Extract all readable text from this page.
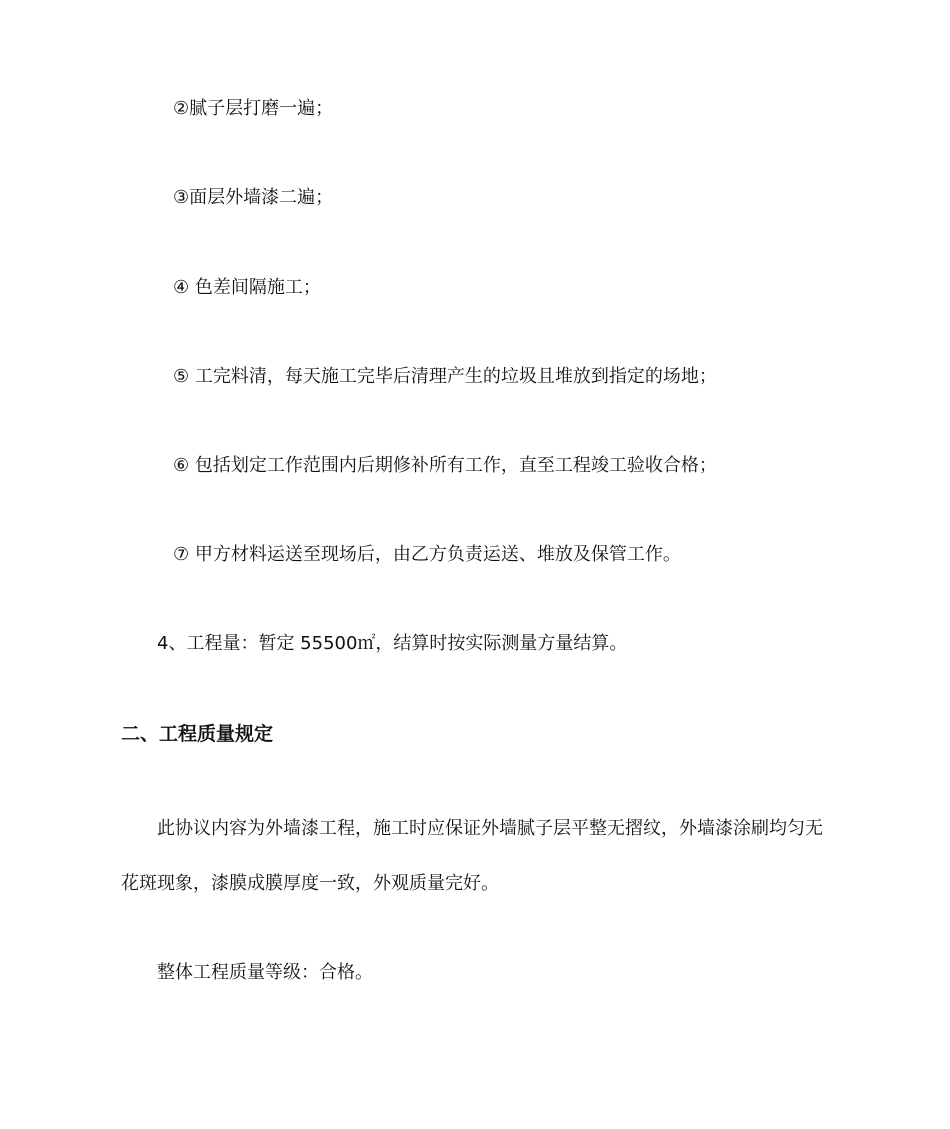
②腻子层打磨一遍；
③面层外墙漆二遍；
④ 色差间隔施工；
⑤ 工完料清，每天施工完毕后清理产生的垃圾且堆放到指定的场地；
⑥ 包括划定工作范围内后期修补所有工作，直至工程竣工验收合格；
⑦ 甲方材料运送至现场后，由乙方负责运送、堆放及保管工作。
4、工程量：暂定 55500㎡，结算时按实际测量方量结算。
二、工程质量规定
此协议内容为外墙漆工程，施工时应保证外墙腻子层平整无摺纹，外墙漆涂刷均匀无
花斑现象，漆膜成膜厚度一致，外观质量完好。
整体工程质量等级：合格。
